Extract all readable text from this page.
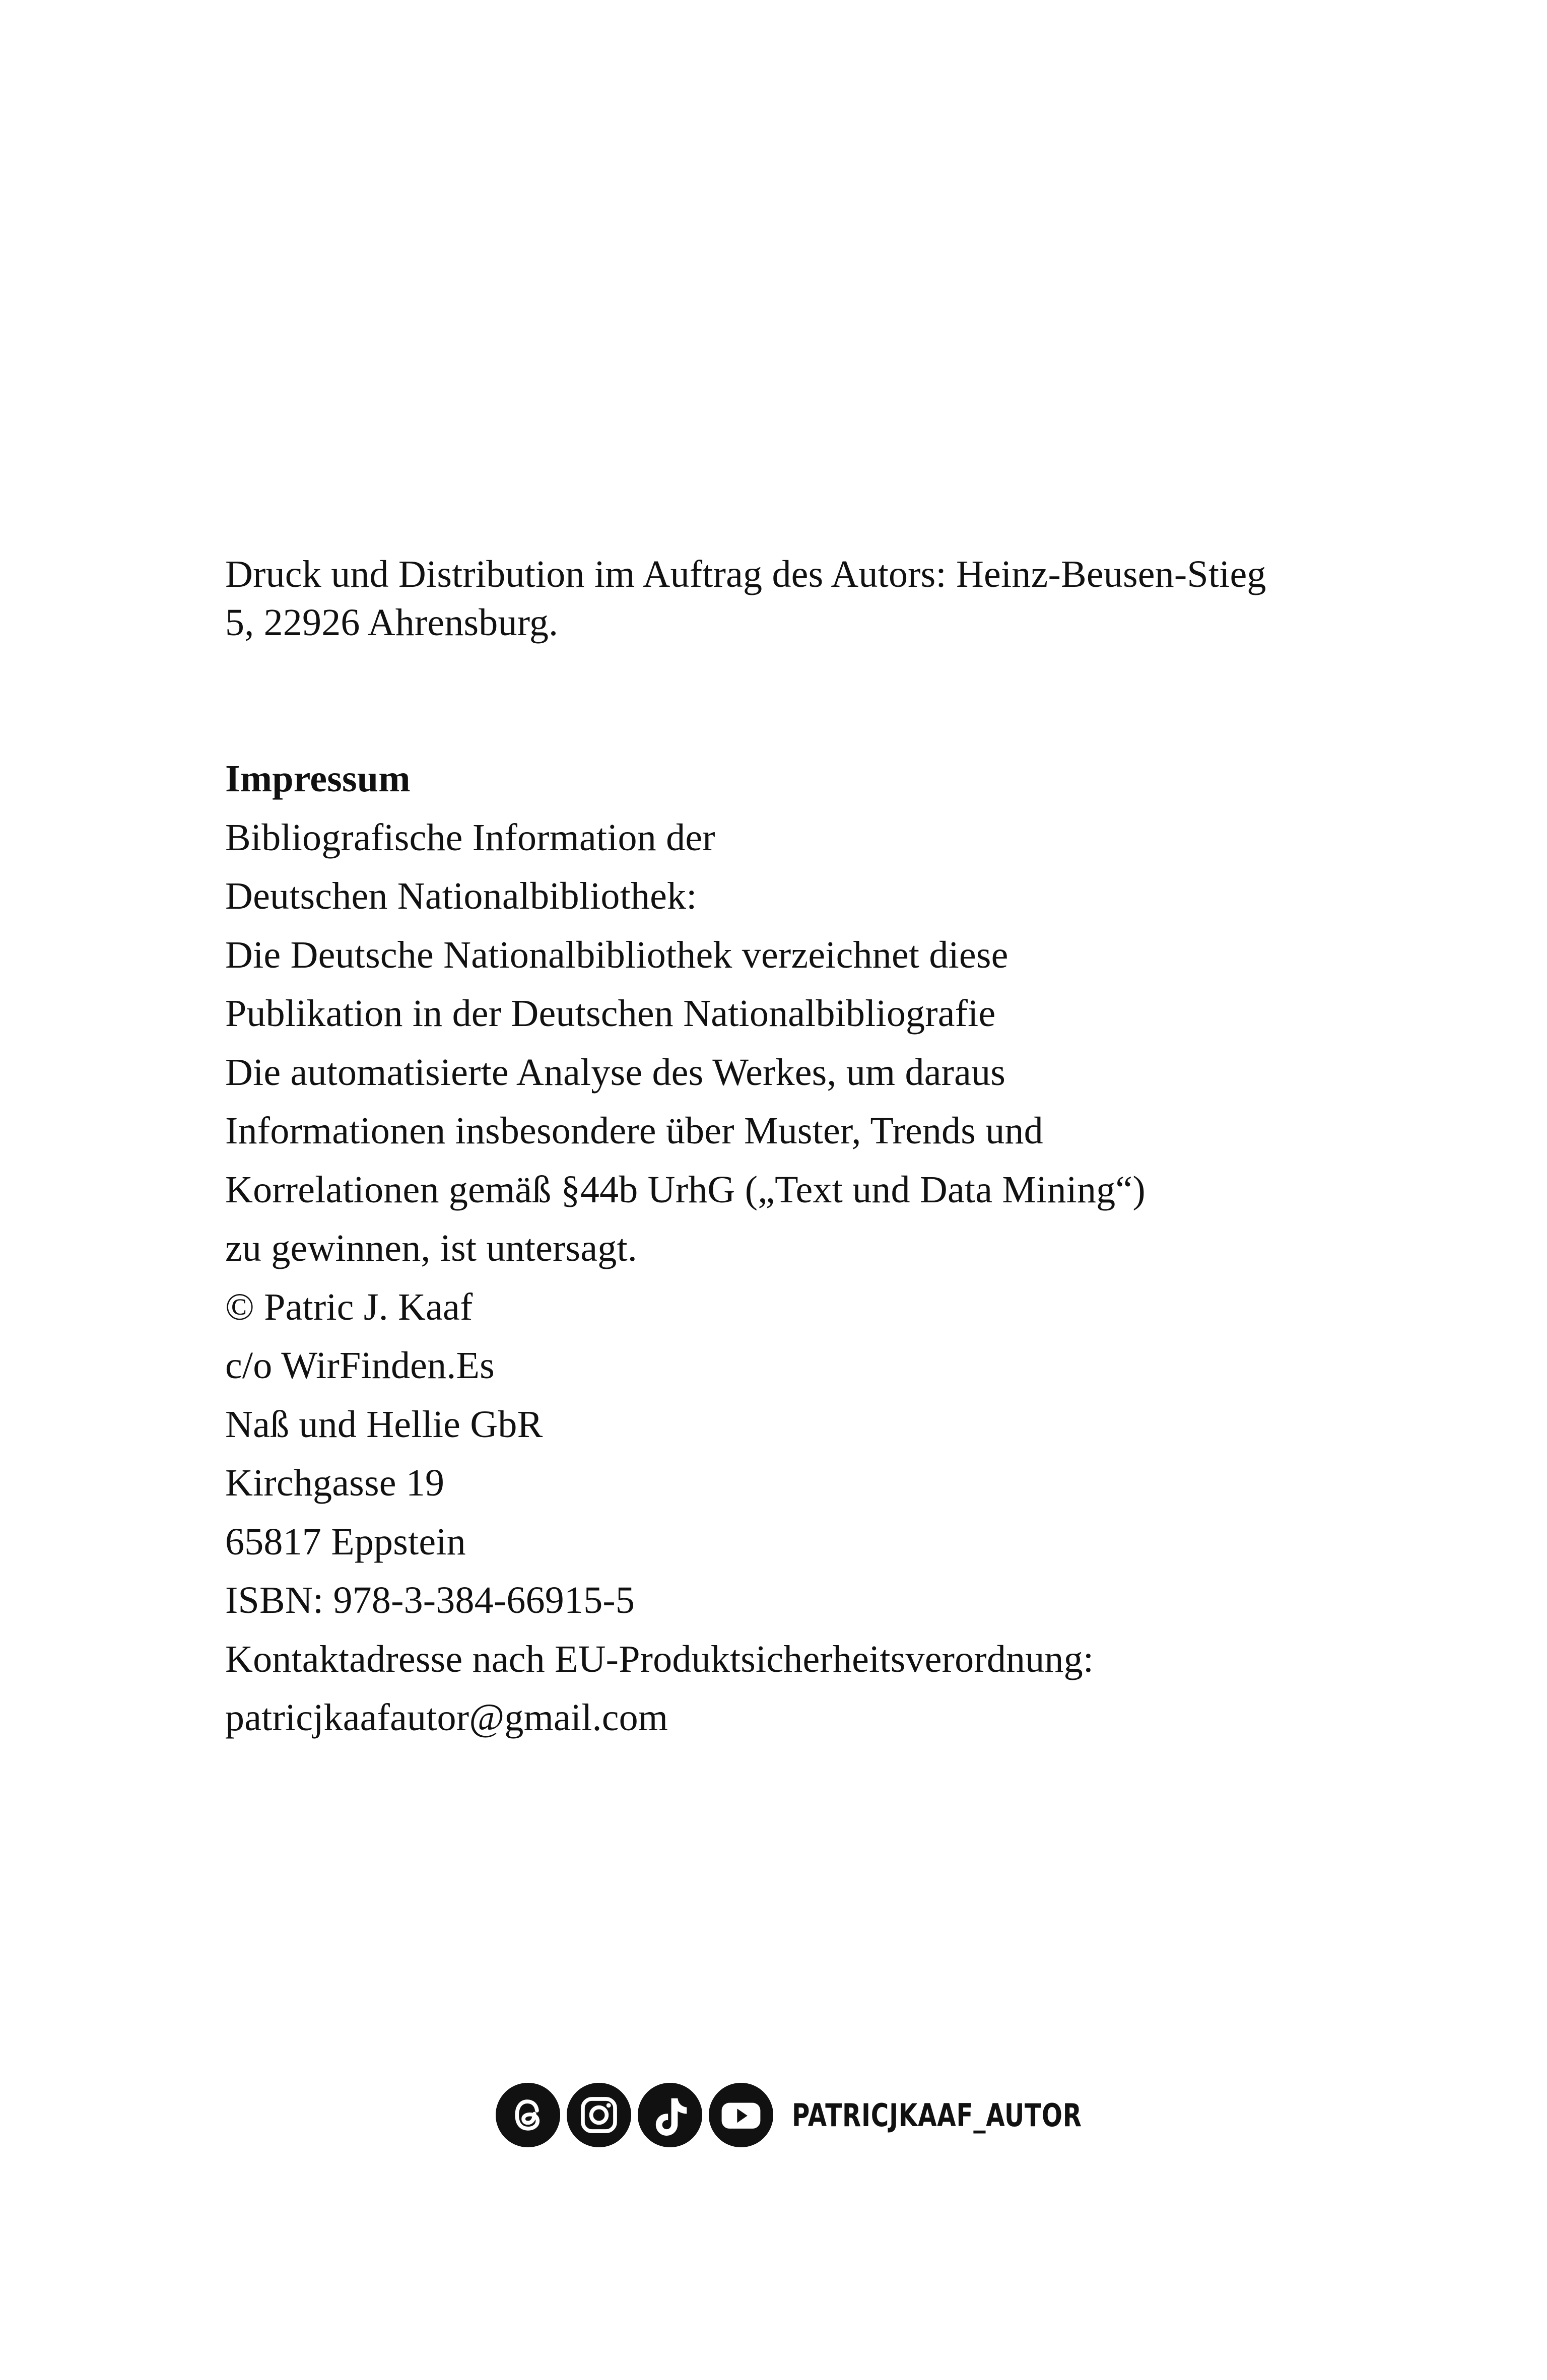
Druck und Distribution im Auftrag des Autors: Heinz-Beusen-Stieg

5, 22926 Ahrensburg.

Impressum
Bibliografische Information der
Deutschen Nationalbibliothek:
Die Deutsche Nationalbibliothek verzeichnet diese
Publikation in der Deutschen Nationalbibliografie
Die automatisierte Analyse des Werkes, um daraus
Informationen insbesondere über Muster, Trends und
Korrelationen gemäß §44b UrhG („Text und Data Mining“)
zu gewinnen, ist untersagt.
© Patric J. Kaaf
c/o WirFinden.Es
Naß und Hellie GbR
Kirchgasse 19
65817 Eppstein
ISBN: 978-3-384-66915-5
Kontaktadresse nach EU-Produktsicherheitsverordnung:
patricjkaafautor@gmail.com
PATRICJKAAF_AUTOR
